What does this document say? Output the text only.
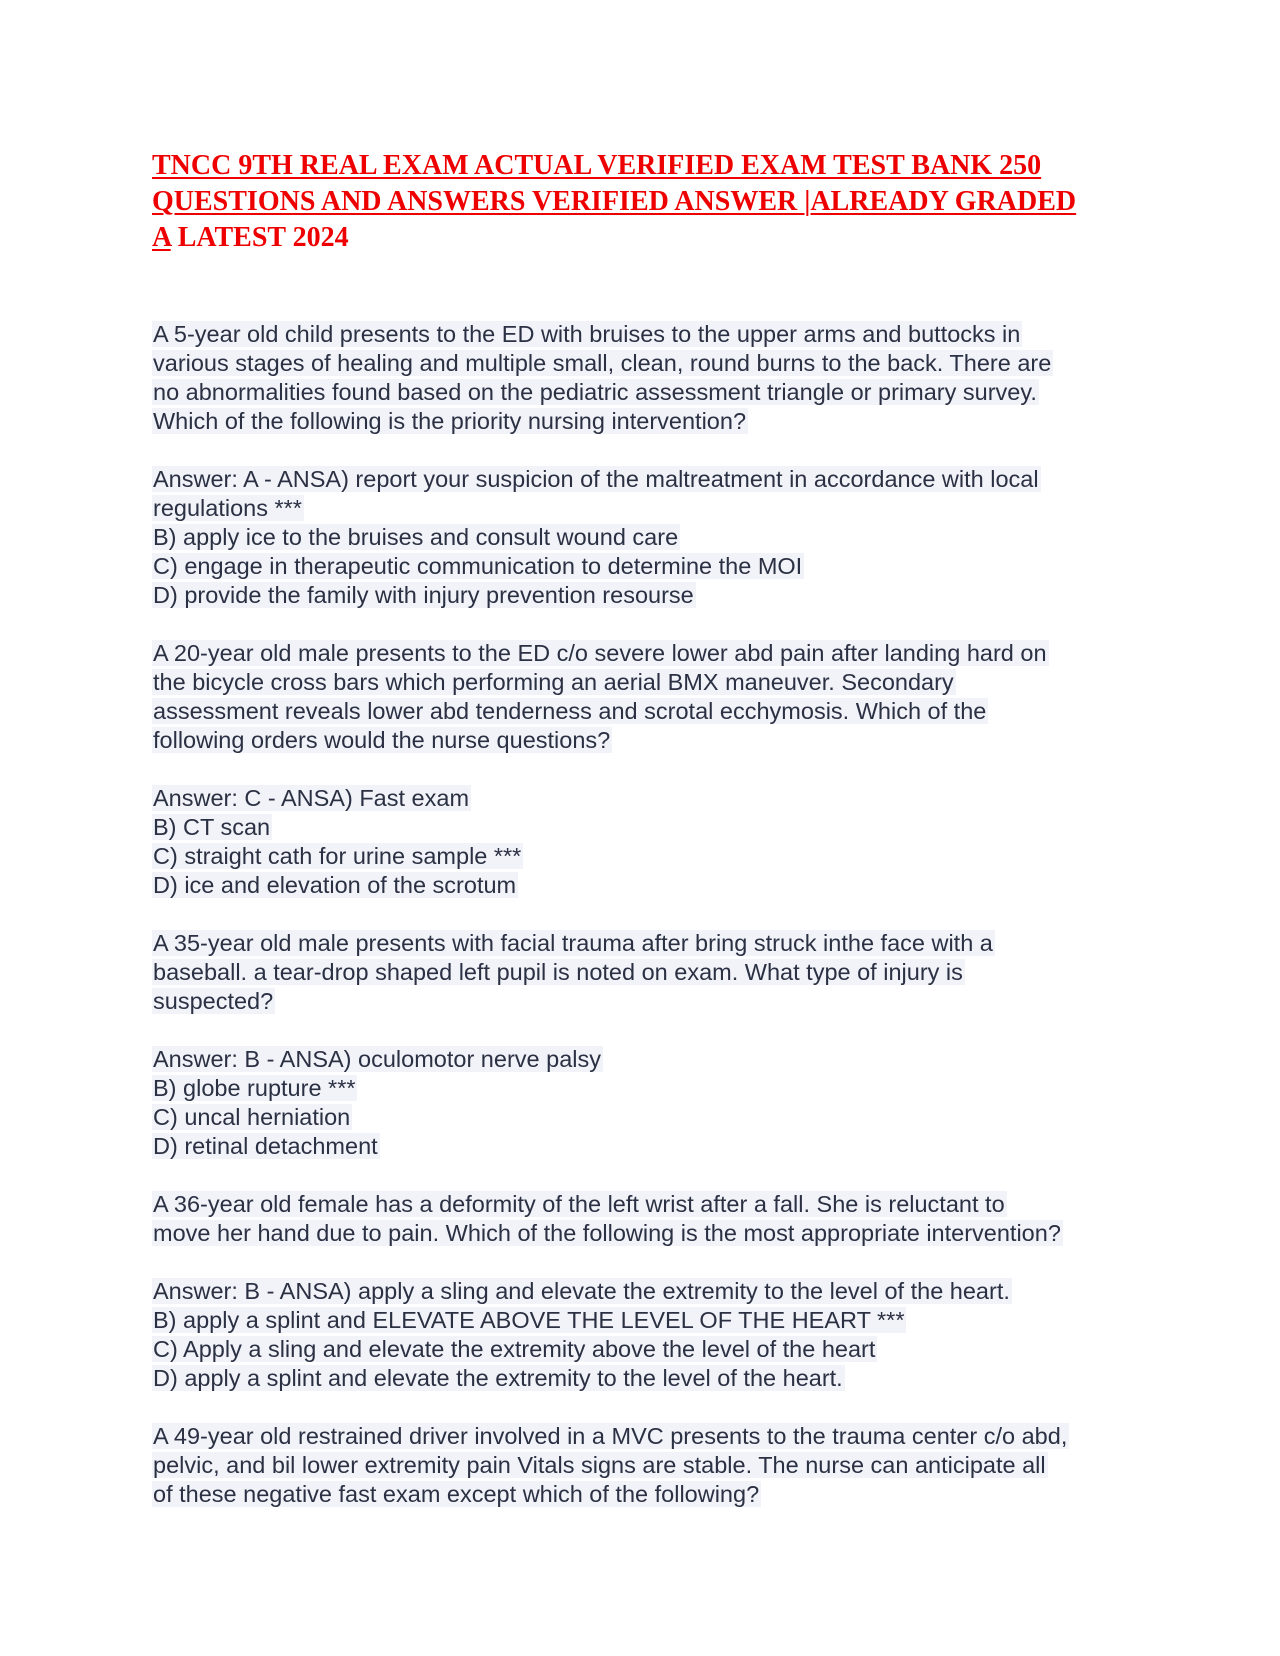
TNCC 9TH REAL EXAM ACTUAL VERIFIED EXAM TEST BANK 250
QUESTIONS AND ANSWERS VERIFIED ANSWER |ALREADY GRADED
A LATEST 2024
A 5-year old child presents to the ED with bruises to the upper arms and buttocks in
various stages of healing and multiple small, clean, round burns to the back. There are
no abnormalities found based on the pediatric assessment triangle or primary survey.
Which of the following is the priority nursing intervention?
Answer: A - ANSA) report your suspicion of the maltreatment in accordance with local
regulations ***
B) apply ice to the bruises and consult wound care
C) engage in therapeutic communication to determine the MOI
D) provide the family with injury prevention resourse
A 20-year old male presents to the ED c/o severe lower abd pain after landing hard on
the bicycle cross bars which performing an aerial BMX maneuver. Secondary
assessment reveals lower abd tenderness and scrotal ecchymosis. Which of the
following orders would the nurse questions?
Answer: C - ANSA) Fast exam
B) CT scan
C) straight cath for urine sample ***
D) ice and elevation of the scrotum
A 35-year old male presents with facial trauma after bring struck inthe face with a
baseball. a tear-drop shaped left pupil is noted on exam. What type of injury is
suspected?
Answer: B - ANSA) oculomotor nerve palsy
B) globe rupture ***
C) uncal herniation
D) retinal detachment
A 36-year old female has a deformity of the left wrist after a fall. She is reluctant to
move her hand due to pain. Which of the following is the most appropriate intervention?
Answer: B - ANSA) apply a sling and elevate the extremity to the level of the heart.
B) apply a splint and ELEVATE ABOVE THE LEVEL OF THE HEART ***
C) Apply a sling and elevate the extremity above the level of the heart
D) apply a splint and elevate the extremity to the level of the heart.
A 49-year old restrained driver involved in a MVC presents to the trauma center c/o abd,
pelvic, and bil lower extremity pain Vitals signs are stable. The nurse can anticipate all
of these negative fast exam except which of the following?
